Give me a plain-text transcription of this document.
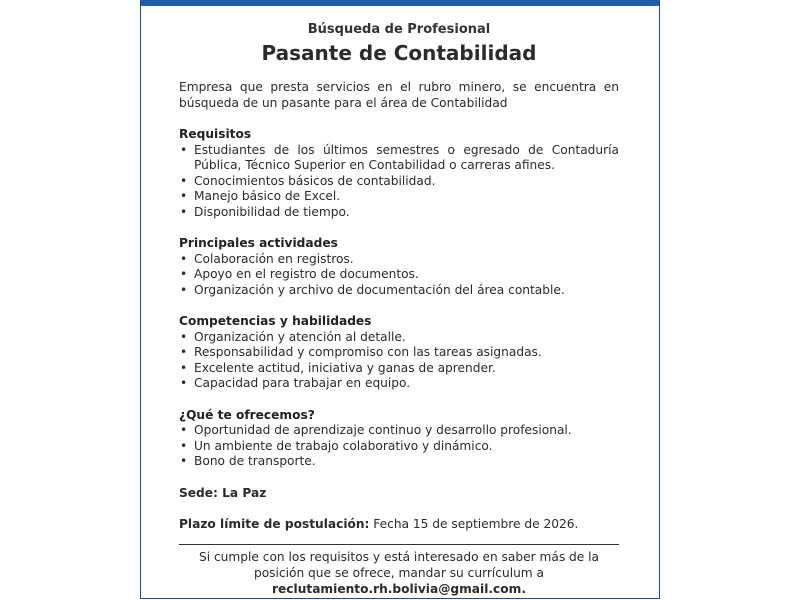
Búsqueda de Profesional
Pasante de Contabilidad
Empresa que presta servicios en el rubro minero, se encuentra en búsqueda de un pasante para el área de Contabilidad
Requisitos
• Estudiantes de los últimos semestres o egresado de Contaduría Pública, Técnico Superior en Contabilidad o carreras afines.
• Conocimientos básicos de contabilidad.
• Manejo básico de Excel.
• Disponibilidad de tiempo.
Principales actividades
• Colaboración en registros.
• Apoyo en el registro de documentos.
• Organización y archivo de documentación del área contable.
Competencias y habilidades
• Organización y atención al detalle.
• Responsabilidad y compromiso con las tareas asignadas.
• Excelente actitud, iniciativa y ganas de aprender.
• Capacidad para trabajar en equipo.
¿Qué te ofrecemos?
• Oportunidad de aprendizaje continuo y desarrollo profesional.
• Un ambiente de trabajo colaborativo y dinámico.
• Bono de transporte.
Sede: La Paz
Plazo límite de postulación: Fecha 15 de septiembre de 2026.
Si cumple con los requisitos y está interesado en saber más de la posición que se ofrece, mandar su currículum a
reclutamiento.rh.bolivia@gmail.com.
